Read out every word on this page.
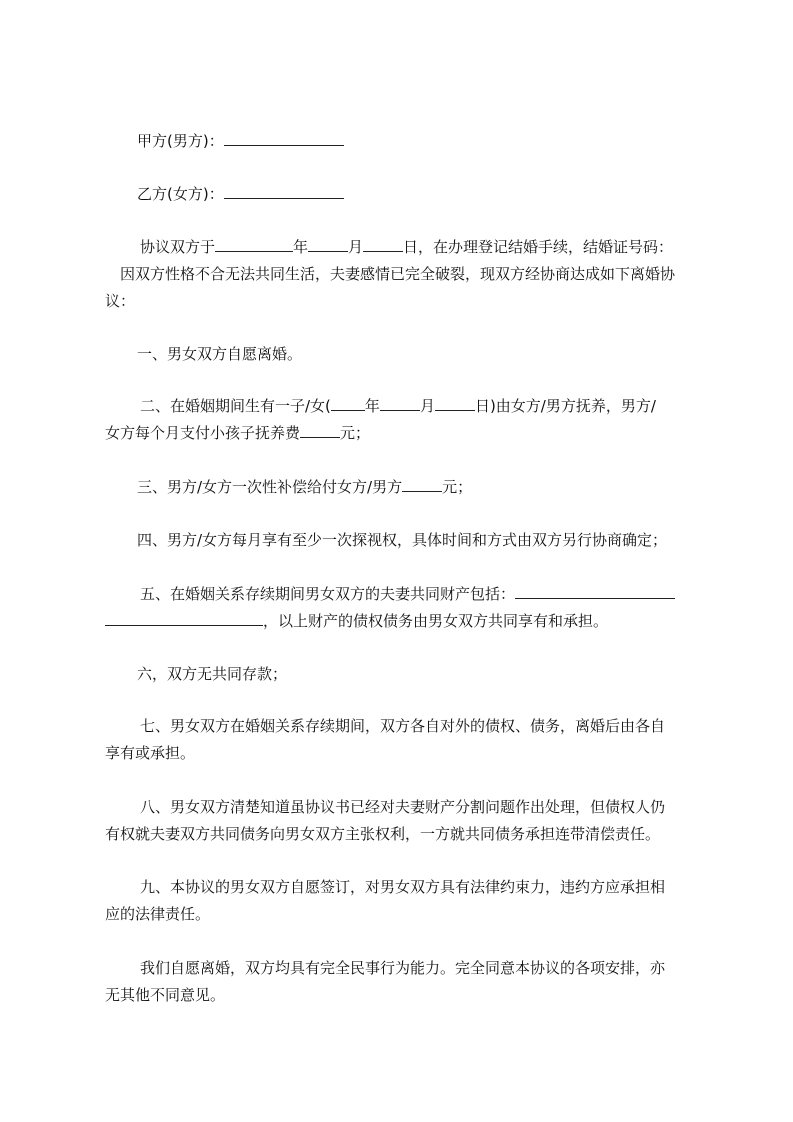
甲方(男方)：
乙方(女方)：
协议双方于	年	月	日，在办理登记结婚手续，结婚证号码：
因双方性格不合无法共同生活，夫妻感情已完全破裂，现双方经协商达成如下离婚协
议：
一、男女双方自愿离婚。
二、在婚姻期间生有一子/女( 年	月	日)由女方/男方抚养，男方/
女方每个月支付小孩子抚养费	元；
三、男方/女方一次性补偿给付女方/男方	元；
四、男方/女方每月享有至少一次探视权，具体时间和方式由双方另行协商确定；
五、在婚姻关系存续期间男女双方的夫妻共同财产包括：
，以上财产的债权债务由男女双方共同享有和承担。
六，双方无共同存款；
七、男女双方在婚姻关系存续期间，双方各自对外的债权、债务，离婚后由各自
享有或承担。
八、男女双方清楚知道虽协议书已经对夫妻财产分割问题作出处理，但债权人仍
有权就夫妻双方共同债务向男女双方主张权利，一方就共同债务承担连带清偿责任。
九、本协议的男女双方自愿签订，对男女双方具有法律约束力，违约方应承担相
应的法律责任。
我们自愿离婚，双方均具有完全民事行为能力。完全同意本协议的各项安排，亦
无其他不同意见。
